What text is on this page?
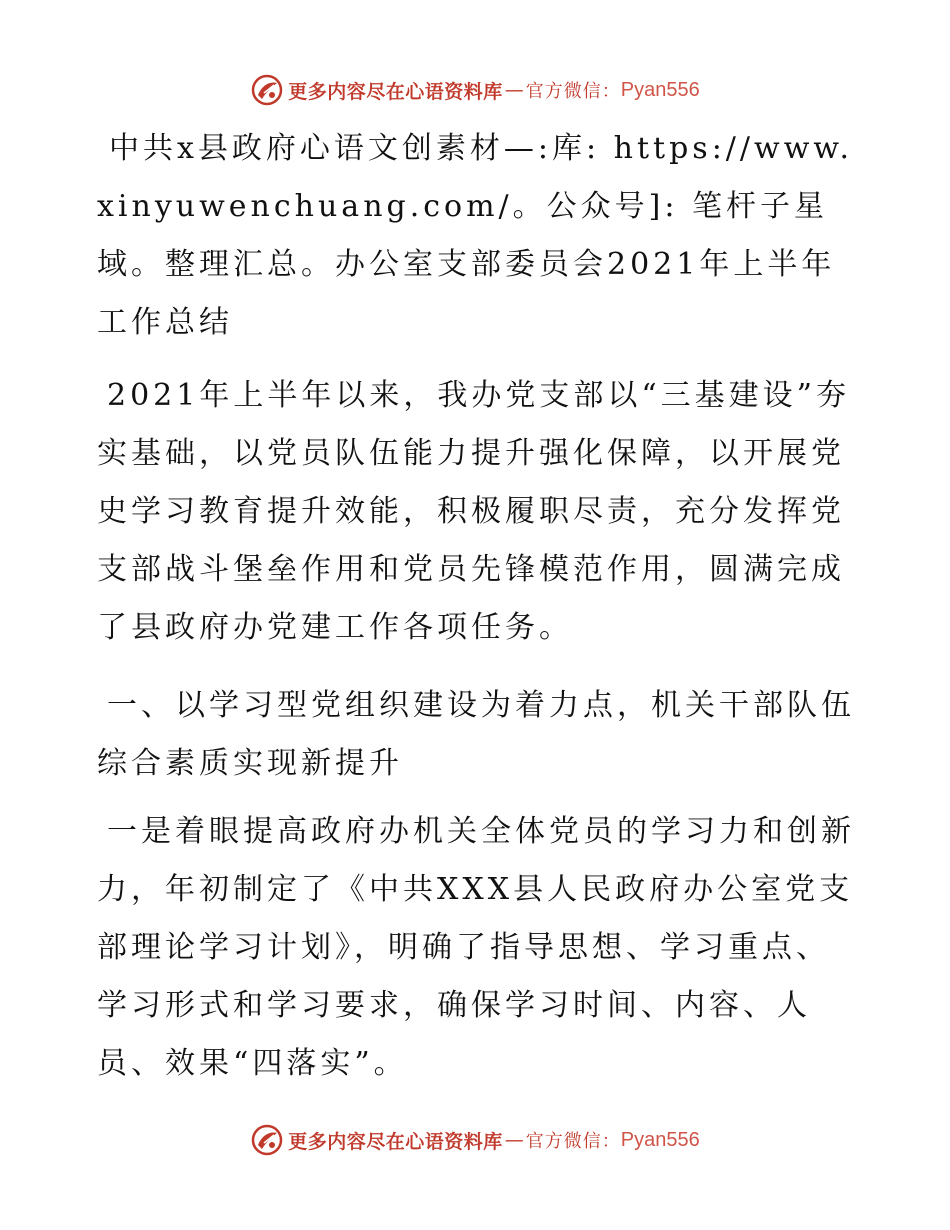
更多内容尽在心语资料库 — 官方微信： Pyan556
中共x县政府心语文创素材—:库: https://www.xinyuwenchuang.com/。公众号]: 笔杆子星域。整理汇总。办公室支部委员会2021年上半年工作总结
2021年上半年以来，我办党支部以“三基建设”夯实基础，以党员队伍能力提升强化保障，以开展党史学习教育提升效能，积极履职尽责，充分发挥党支部战斗堡垒作用和党员先锋模范作用，圆满完成了县政府办党建工作各项任务。
一、以学习型党组织建设为着力点，机关干部队伍综合素质实现新提升
一是着眼提高政府办机关全体党员的学习力和创新力，年初制定了《中共XXX县人民政府办公室党支部理论学习计划》，明确了指导思想、学习重点、学习形式和学习要求，确保学习时间、内容、人员、效果“四落实”。
更多内容尽在心语资料库 — 官方微信： Pyan556
